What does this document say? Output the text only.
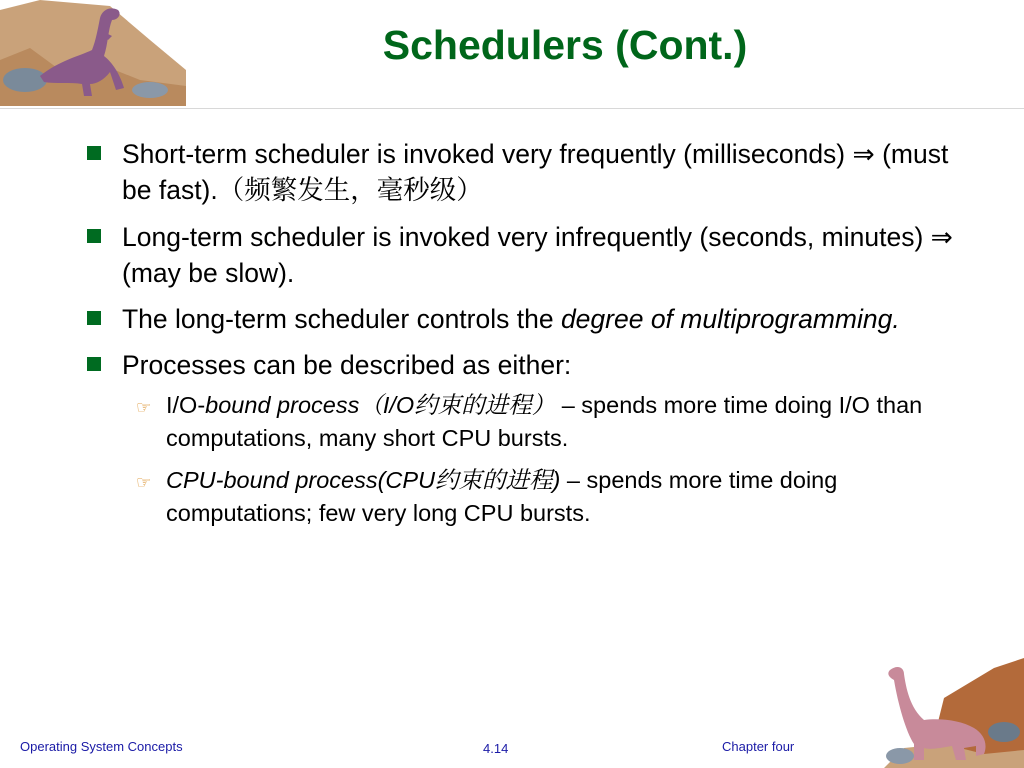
Schedulers (Cont.)
Short-term scheduler is invoked very frequently (milliseconds) ⇒ (must be fast).（频繁发生，毫秒级）
Long-term scheduler is invoked very infrequently (seconds, minutes) ⇒ (may be slow).
The long-term scheduler controls the degree of multiprogramming.
Processes can be described as either:
☞ I/O-bound process（I/O约束的进程） – spends more time doing I/O than computations, many short CPU bursts.
☞ CPU-bound process(CPU约束的进程) – spends more time doing computations; few very long CPU bursts.
Operating System Concepts	4.14	Chapter four
